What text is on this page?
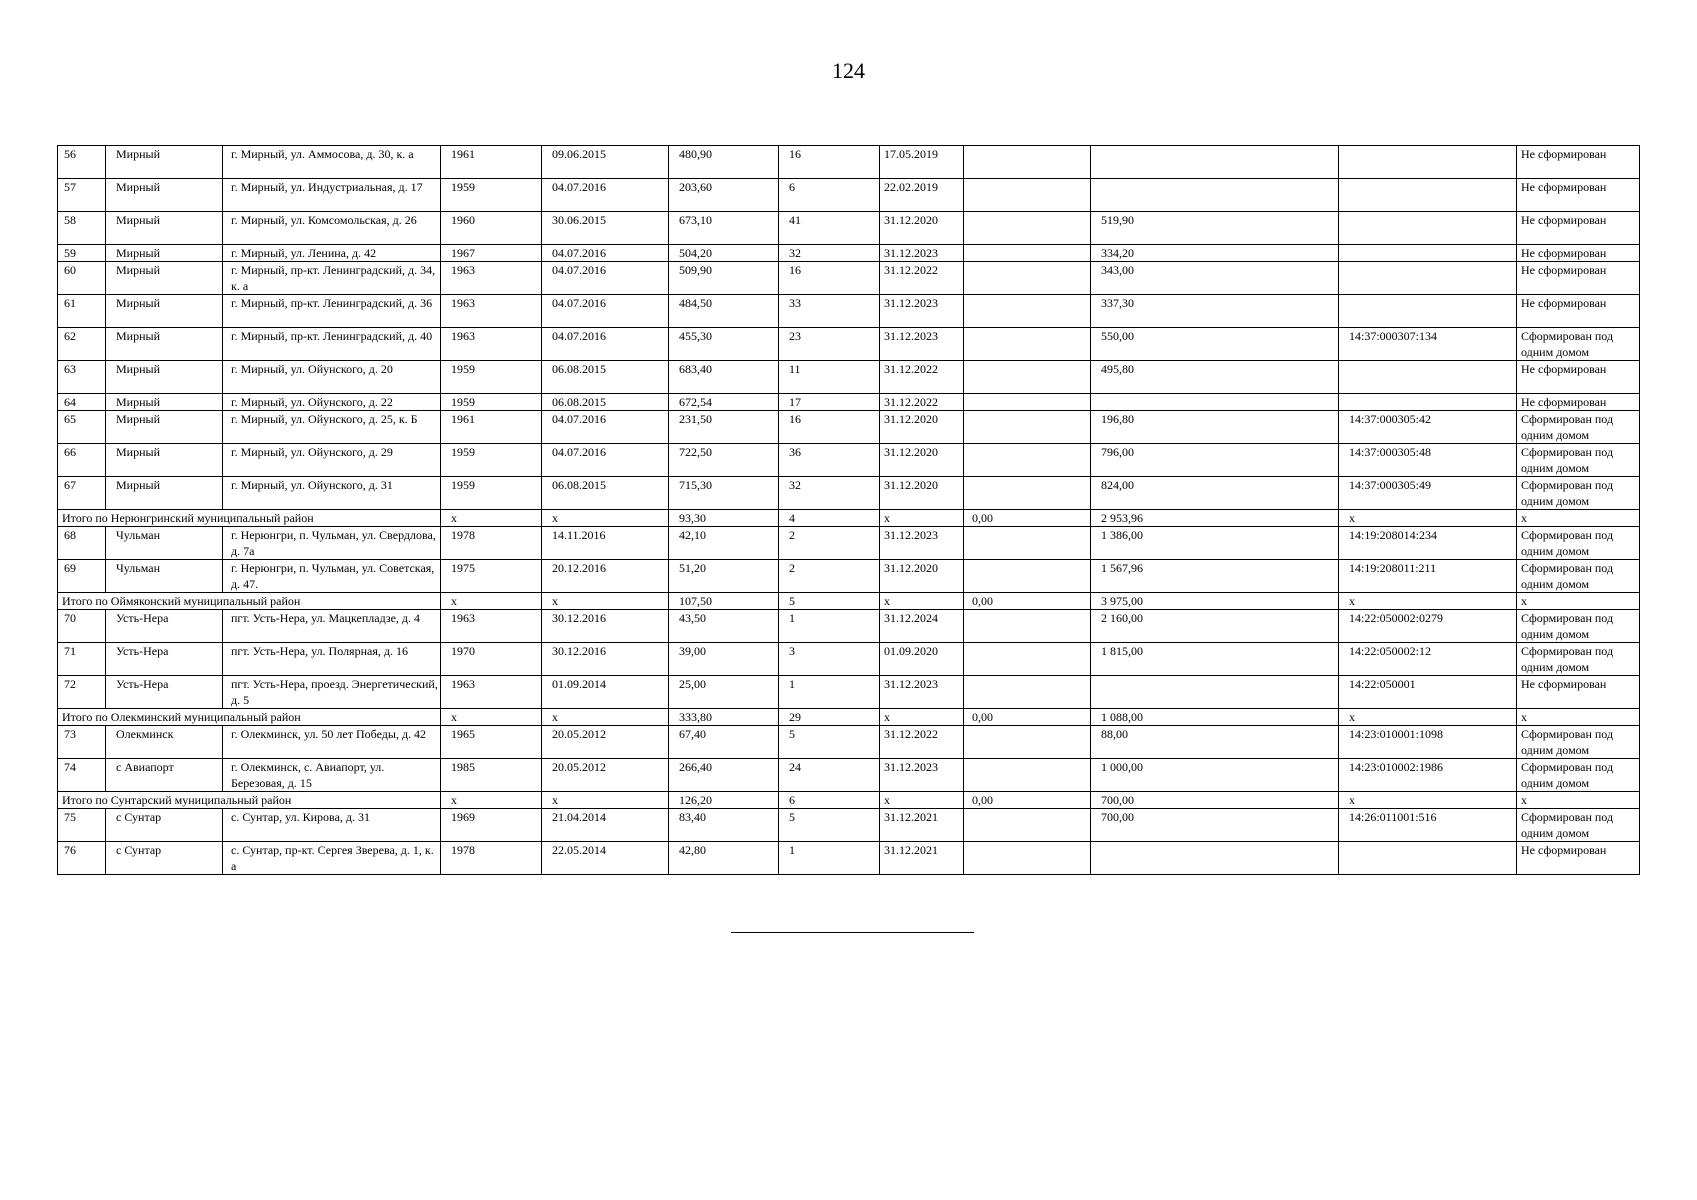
124
56	Мирный	г. Мирный, ул. Аммосова, д. 30, к. а	1961	09.06.2015	480,90	16	17.05.2019				Не сформирован
57	Мирный	г. Мирный, ул. Индустриальная, д. 17	1959	04.07.2016	203,60	6	22.02.2019				Не сформирован
58	Мирный	г. Мирный, ул. Комсомольская, д. 26	1960	30.06.2015	673,10	41	31.12.2020		519,90		Не сформирован
59	Мирный	г. Мирный, ул. Ленина, д. 42	1967	04.07.2016	504,20	32	31.12.2023		334,20		Не сформирован
60	Мирный	г. Мирный, пр-кт. Ленинградский, д. 34, к. а	1963	04.07.2016	509,90	16	31.12.2022		343,00		Не сформирован
61	Мирный	г. Мирный, пр-кт. Ленинградский, д. 36	1963	04.07.2016	484,50	33	31.12.2023		337,30		Не сформирован
62	Мирный	г. Мирный, пр-кт. Ленинградский, д. 40	1963	04.07.2016	455,30	23	31.12.2023		550,00	14:37:000307:134	Сформирован под одним домом
63	Мирный	г. Мирный, ул. Ойунского, д. 20	1959	06.08.2015	683,40	11	31.12.2022		495,80		Не сформирован
64	Мирный	г. Мирный, ул. Ойунского, д. 22	1959	06.08.2015	672,54	17	31.12.2022				Не сформирован
65	Мирный	г. Мирный, ул. Ойунского, д. 25, к. Б	1961	04.07.2016	231,50	16	31.12.2020		196,80	14:37:000305:42	Сформирован под одним домом
66	Мирный	г. Мирный, ул. Ойунского, д. 29	1959	04.07.2016	722,50	36	31.12.2020		796,00	14:37:000305:48	Сформирован под одним домом
67	Мирный	г. Мирный, ул. Ойунского, д. 31	1959	06.08.2015	715,30	32	31.12.2020		824,00	14:37:000305:49	Сформирован под одним домом
Итого по Нерюнгринский муниципальный район			x	x	93,30	4	x	0,00	2 953,96	x	x
68	Чульман	г. Нерюнгри, п. Чульман, ул. Свердлова, д. 7а	1978	14.11.2016	42,10	2	31.12.2023		1 386,00	14:19:208014:234	Сформирован под одним домом
69	Чульман	г. Нерюнгри, п. Чульман, ул. Советская, д. 47.	1975	20.12.2016	51,20	2	31.12.2020		1 567,96	14:19:208011:211	Сформирован под одним домом
Итого по Оймяконский муниципальный район			x	x	107,50	5	x	0,00	3 975,00	x	x
70	Усть-Нера	пгт. Усть-Нера, ул. Мацкепладзе, д. 4	1963	30.12.2016	43,50	1	31.12.2024		2 160,00	14:22:050002:0279	Сформирован под одним домом
71	Усть-Нера	пгт. Усть-Нера, ул. Полярная, д. 16	1970	30.12.2016	39,00	3	01.09.2020		1 815,00	14:22:050002:12	Сформирован под одним домом
72	Усть-Нера	пгт. Усть-Нера, проезд. Энергетический, д. 5	1963	01.09.2014	25,00	1	31.12.2023			14:22:050001	Не сформирован
Итого по Олекминский муниципальный район			x	x	333,80	29	x	0,00	1 088,00	x	x
73	Олекминск	г. Олекминск, ул. 50 лет Победы, д. 42	1965	20.05.2012	67,40	5	31.12.2022		88,00	14:23:010001:1098	Сформирован под одним домом
74	с Авиапорт	г. Олекминск, с. Авиапорт, ул. Березовая, д. 15	1985	20.05.2012	266,40	24	31.12.2023		1 000,00	14:23:010002:1986	Сформирован под одним домом
Итого по Сунтарский муниципальный район			x	x	126,20	6	x	0,00	700,00	x	x
75	с Сунтар	с. Сунтар, ул. Кирова, д. 31	1969	21.04.2014	83,40	5	31.12.2021		700,00	14:26:011001:516	Сформирован под одним домом
76	с Сунтар	с. Сунтар, пр-кт. Сергея Зверева, д. 1, к. а	1978	22.05.2014	42,80	1	31.12.2021				Не сформирован
